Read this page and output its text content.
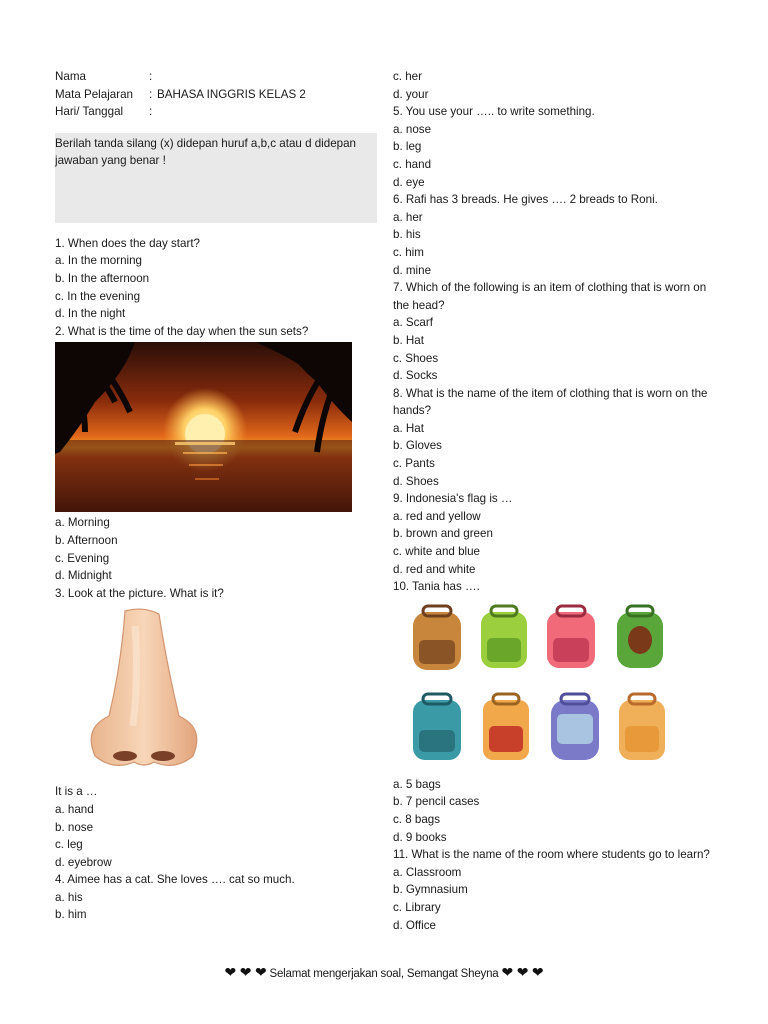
Nama	:
Mata Pelajaran	: BAHASA INGGRIS KELAS 2
Hari/ Tanggal	:
Berilah tanda silang (x) didepan huruf a,b,c atau d didepan jawaban yang benar !
1. When does the day start?
a. In the morning
b. In the afternoon
c. In the evening
d. In the night
2. What is the time of the day when the sun sets?
a. Morning
b. Afternoon
c. Evening
d. Midnight
3. Look at the picture. What is it?
It is a …
a. hand
b. nose
c. leg
d. eyebrow
4. Aimee has a cat. She loves …. cat so much.
a. his
b. him
c. her
d. your
5. You use your ….. to write something.
a. nose
b. leg
c. hand
d. eye
6. Rafi has 3 breads. He gives …. 2 breads to Roni.
a. her
b. his
c. him
d. mine
7. Which of the following is an item of clothing that is worn on the head?
a. Scarf
b. Hat
c. Shoes
d. Socks
8. What is the name of the item of clothing that is worn on the hands?
a. Hat
b. Gloves
c. Pants
d. Shoes
9. Indonesia's flag is …
a. red and yellow
b. brown and green
c. white and blue
d. red and white
10. Tania has ….
a. 5 bags
b. 7 pencil cases
c. 8 bags
d. 9 books
11. What is the name of the room where students go to learn?
a. Classroom
b. Gymnasium
c. Library
d. Office
❤ ❤ ❤ Selamat mengerjakan soal, Semangat Sheyna ❤ ❤ ❤
